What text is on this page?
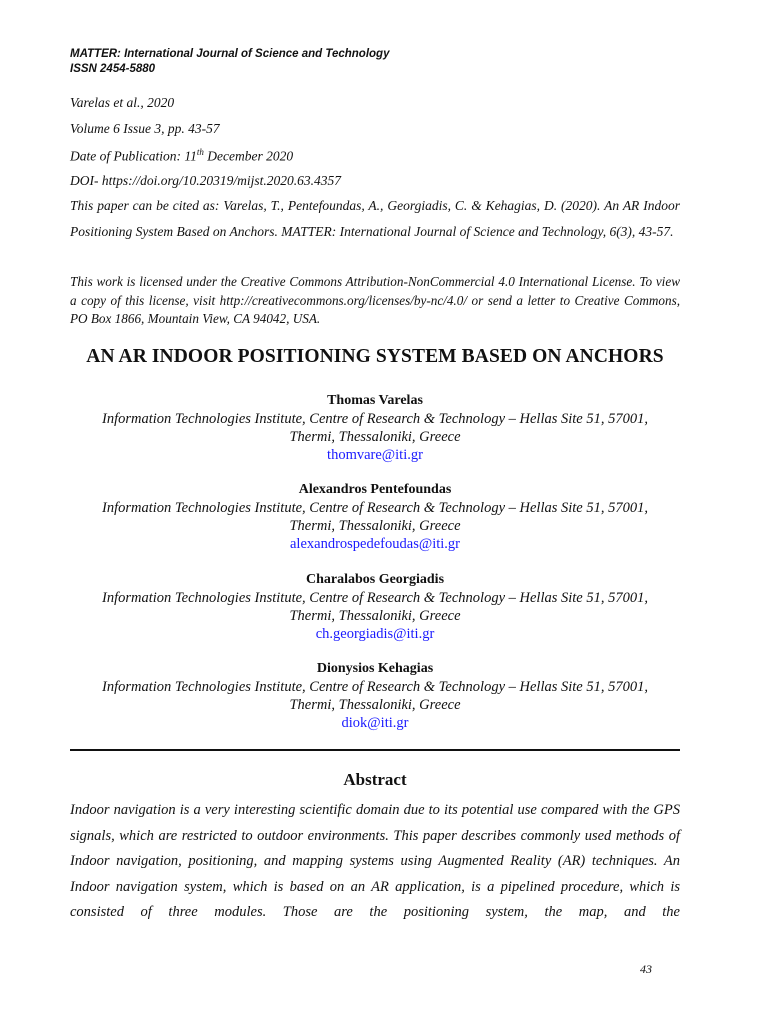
MATTER: International Journal of Science and Technology
ISSN 2454-5880
Varelas et al., 2020
Volume 6 Issue 3, pp. 43-57
Date of Publication: 11th December 2020
DOI- https://doi.org/10.20319/mijst.2020.63.4357
This paper can be cited as: Varelas, T., Pentefoundas, A., Georgiadis, C. & Kehagias, D. (2020). An AR Indoor Positioning System Based on Anchors. MATTER: International Journal of Science and Technology, 6(3), 43-57.
This work is licensed under the Creative Commons Attribution-NonCommercial 4.0 International License. To view a copy of this license, visit http://creativecommons.org/licenses/by-nc/4.0/ or send a letter to Creative Commons, PO Box 1866, Mountain View, CA 94042, USA.
AN AR INDOOR POSITIONING SYSTEM BASED ON ANCHORS
Thomas Varelas
Information Technologies Institute, Centre of Research & Technology – Hellas Site 51, 57001,
Thermi, Thessaloniki, Greece
thomvare@iti.gr
Alexandros Pentefoundas
Information Technologies Institute, Centre of Research & Technology – Hellas Site 51, 57001,
Thermi, Thessaloniki, Greece
alexandrospedefoudas@iti.gr
Charalabos Georgiadis
Information Technologies Institute, Centre of Research & Technology – Hellas Site 51, 57001,
Thermi, Thessaloniki, Greece
ch.georgiadis@iti.gr
Dionysios Kehagias
Information Technologies Institute, Centre of Research & Technology – Hellas Site 51, 57001,
Thermi, Thessaloniki, Greece
diok@iti.gr
Abstract
Indoor navigation is a very interesting scientific domain due to its potential use compared with the GPS signals, which are restricted to outdoor environments. This paper describes commonly used methods of Indoor navigation, positioning, and mapping systems using Augmented Reality (AR) techniques. An Indoor navigation system, which is based on an AR application, is a pipelined procedure, which is consisted of three modules. Those are the positioning system, the map, and the
43
